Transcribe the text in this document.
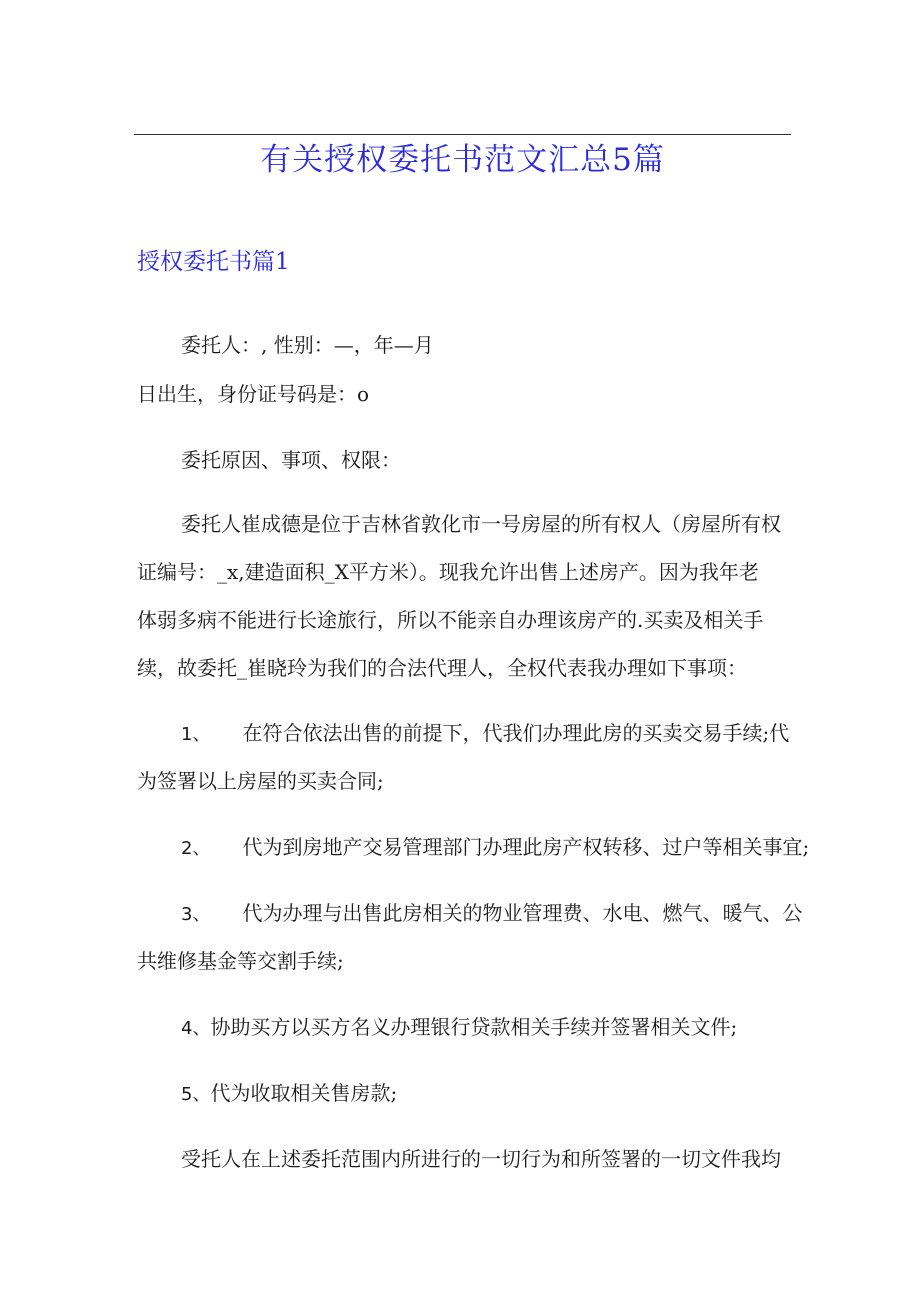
有关授权委托书范文汇总5篇
授权委托书篇1
委托人：, 性别：—，年—月
日出生，身份证号码是：o
委托原因、事项、权限：
委托人崔成德是位于吉林省敦化市一号房屋的所有权人（房屋所有权
证编号：_x,建造面积_X平方米）。现我允许出售上述房产。因为我年老
体弱多病不能进行长途旅行，所以不能亲自办理该房产的.买卖及相关手
续，故委托_崔晓玲为我们的合法代理人，全权代表我办理如下事项：
1、 在符合依法出售的前提下，代我们办理此房的买卖交易手续;代
为签署以上房屋的买卖合同;
2、 代为到房地产交易管理部门办理此房产权转移、过户等相关事宜;
3、 代为办理与出售此房相关的物业管理费、水电、燃气、暖气、公
共维修基金等交割手续;
4、协助买方以买方名义办理银行贷款相关手续并签署相关文件;
5、代为收取相关售房款;
受托人在上述委托范围内所进行的一切行为和所签署的一切文件我均
